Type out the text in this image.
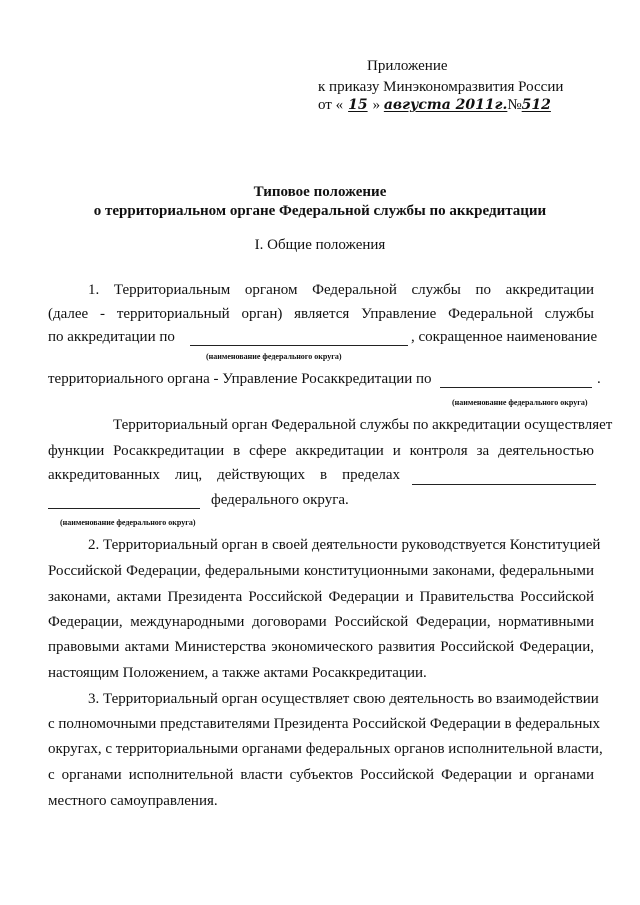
Приложение
к приказу Минэкономразвития России
от « 15 » августа 2011г.№512
Типовое положение
о территориальном органе Федеральной службы по аккредитации
I. Общие положения
1. Территориальным органом Федеральной службы по аккредитации
(далее - территориальный орган) является Управление Федеральной службы
по аккредитации по	, сокращенное наименование
(наименование федерального округа)
территориального органа - Управление Росаккредитации по	.
(наименование федерального округа)
Территориальный орган Федеральной службы по аккредитации осуществляет
функции Росаккредитации в сфере аккредитации и контроля за деятельностью
аккредитованных лиц, действующих в пределах
федерального округа.
(наименование федерального округа)
2. Территориальный орган в своей деятельности руководствуется Конституцией
Российской Федерации, федеральными конституционными законами, федеральными
законами, актами Президента Российской Федерации и Правительства Российской
Федерации, международными договорами Российской Федерации, нормативными
правовыми актами Министерства экономического развития Российской Федерации,
настоящим Положением, а также актами Росаккредитации.
3. Территориальный орган осуществляет свою деятельность во взаимодействии
с полномочными представителями Президента Российской Федерации в федеральных
округах, с территориальными органами федеральных органов исполнительной власти,
с органами исполнительной власти субъектов Российской Федерации и органами
местного самоуправления.
